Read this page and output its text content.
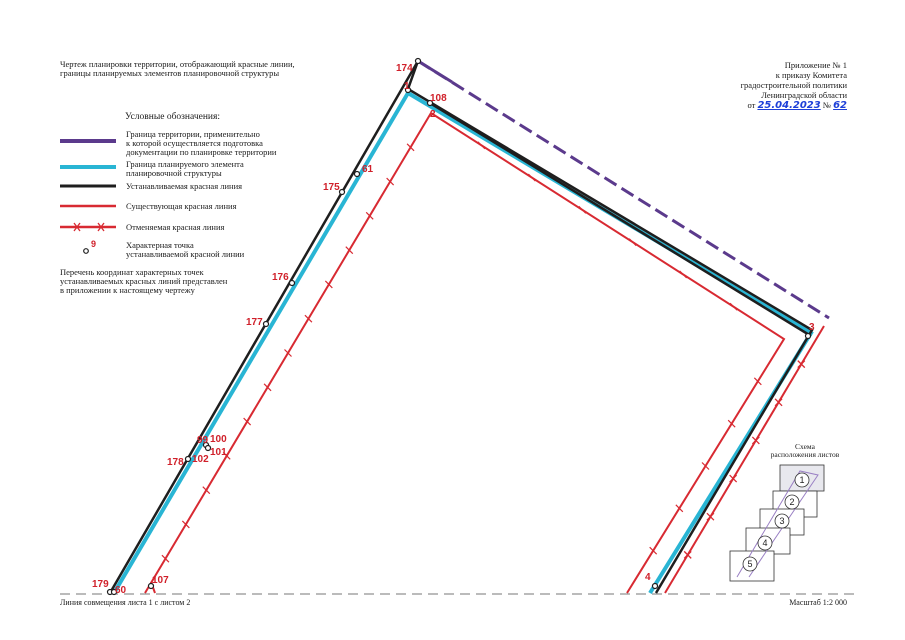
174
1
108
2
61
175
176
177
99 100
101
102
178
179
60
107
3
4
9
1
2
3
4
5
Чертеж планировки территории, отображающий красные линии,
границы планируемых элементов планировочной структуры
Приложение № 1
к приказу Комитета
градостроительной политики
Ленинградской области
от 25.04.2023 № 62
Условные обозначения:
Граница территории, применительно
к которой осуществляется подготовка
документации по планировке территории
Граница планируемого элемента
планировочной структуры
Устанавливаемая красная линия
Существующая красная линия
Отменяемая красная линия
Характерная точка
устанавливаемой красной линии
Перечень координат характерных точек
устанавливаемых красных линий представлен
в приложении к настоящему чертежу
Схема
расположения листов
Линия совмещения листа 1 с листом 2	Масштаб 1:2 000
